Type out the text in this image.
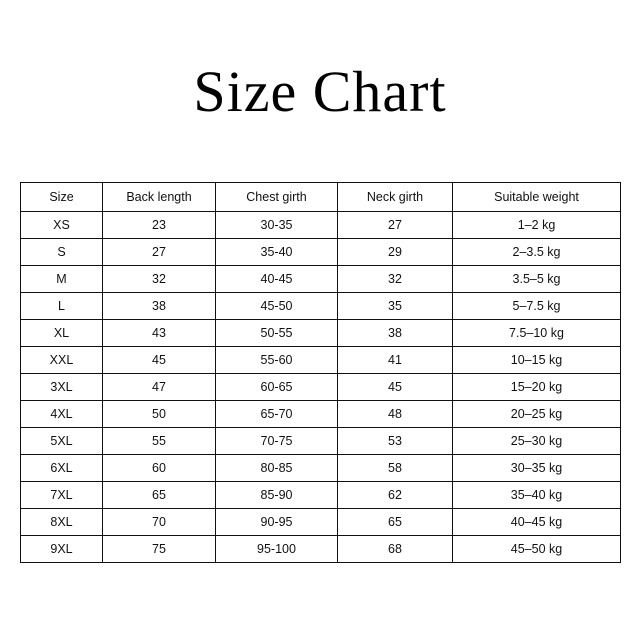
Size Chart
Size	Back length	Chest girth	Neck girth	Suitable weight
XS	23	30-35	27	1–2 kg
S	27	35-40	29	2–3.5 kg
M	32	40-45	32	3.5–5 kg
L	38	45-50	35	5–7.5 kg
XL	43	50-55	38	7.5–10 kg
XXL	45	55-60	41	10–15 kg
3XL	47	60-65	45	15–20 kg
4XL	50	65-70	48	20–25 kg
5XL	55	70-75	53	25–30 kg
6XL	60	80-85	58	30–35 kg
7XL	65	85-90	62	35–40 kg
8XL	70	90-95	65	40–45 kg
9XL	75	95-100	68	45–50 kg
